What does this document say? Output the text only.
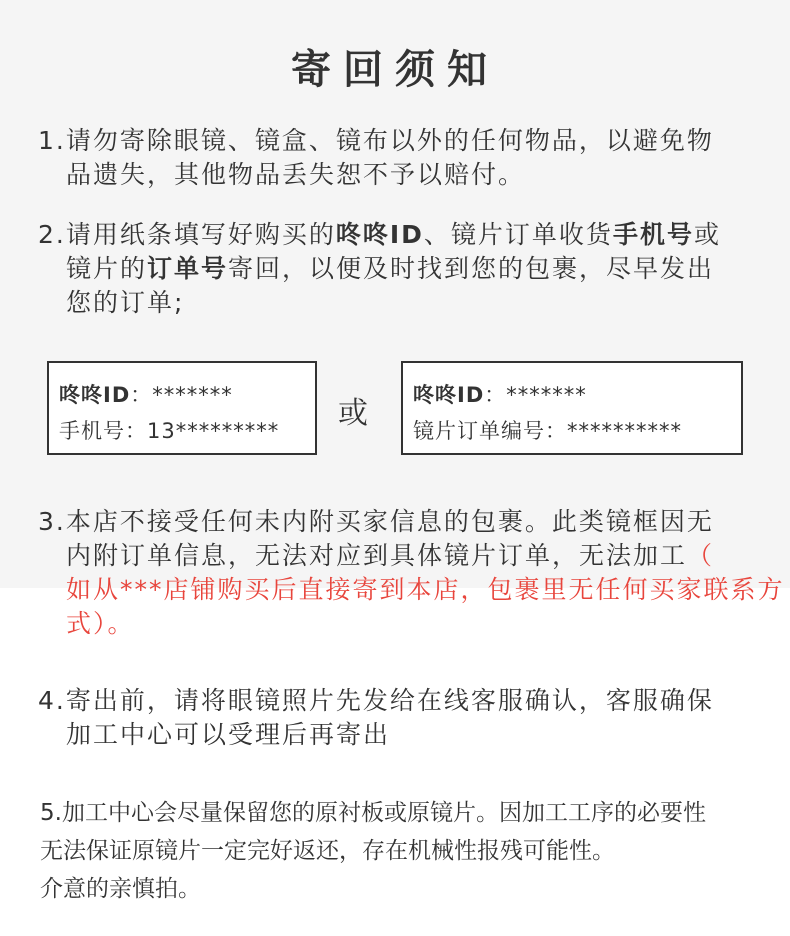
寄回须知
1.请勿寄除眼镜、镜盒、镜布以外的任何物品，以避免物
品遗失，其他物品丢失恕不予以赔付。
2.请用纸条填写好购买的咚咚ID、镜片订单收货手机号或
镜片的订单号寄回，以便及时找到您的包裹，尽早发出
您的订单;
咚咚ID：*******
手机号：13********* 或
咚咚ID：*******
镜片订单编号：**********
3.本店不接受任何未内附买家信息的包裹。此类镜框因无
内附订单信息，无法对应到具体镜片订单，无法加工（
如从***店铺购买后直接寄到本店，包裹里无任何买家联系方
式）。
4.寄出前，请将眼镜照片先发给在线客服确认，客服确保
加工中心可以受理后再寄出
5.加工中心会尽量保留您的原衬板或原镜片。因加工工序的必要性
无法保证原镜片一定完好返还，存在机械性报残可能性。
介意的亲慎拍。
